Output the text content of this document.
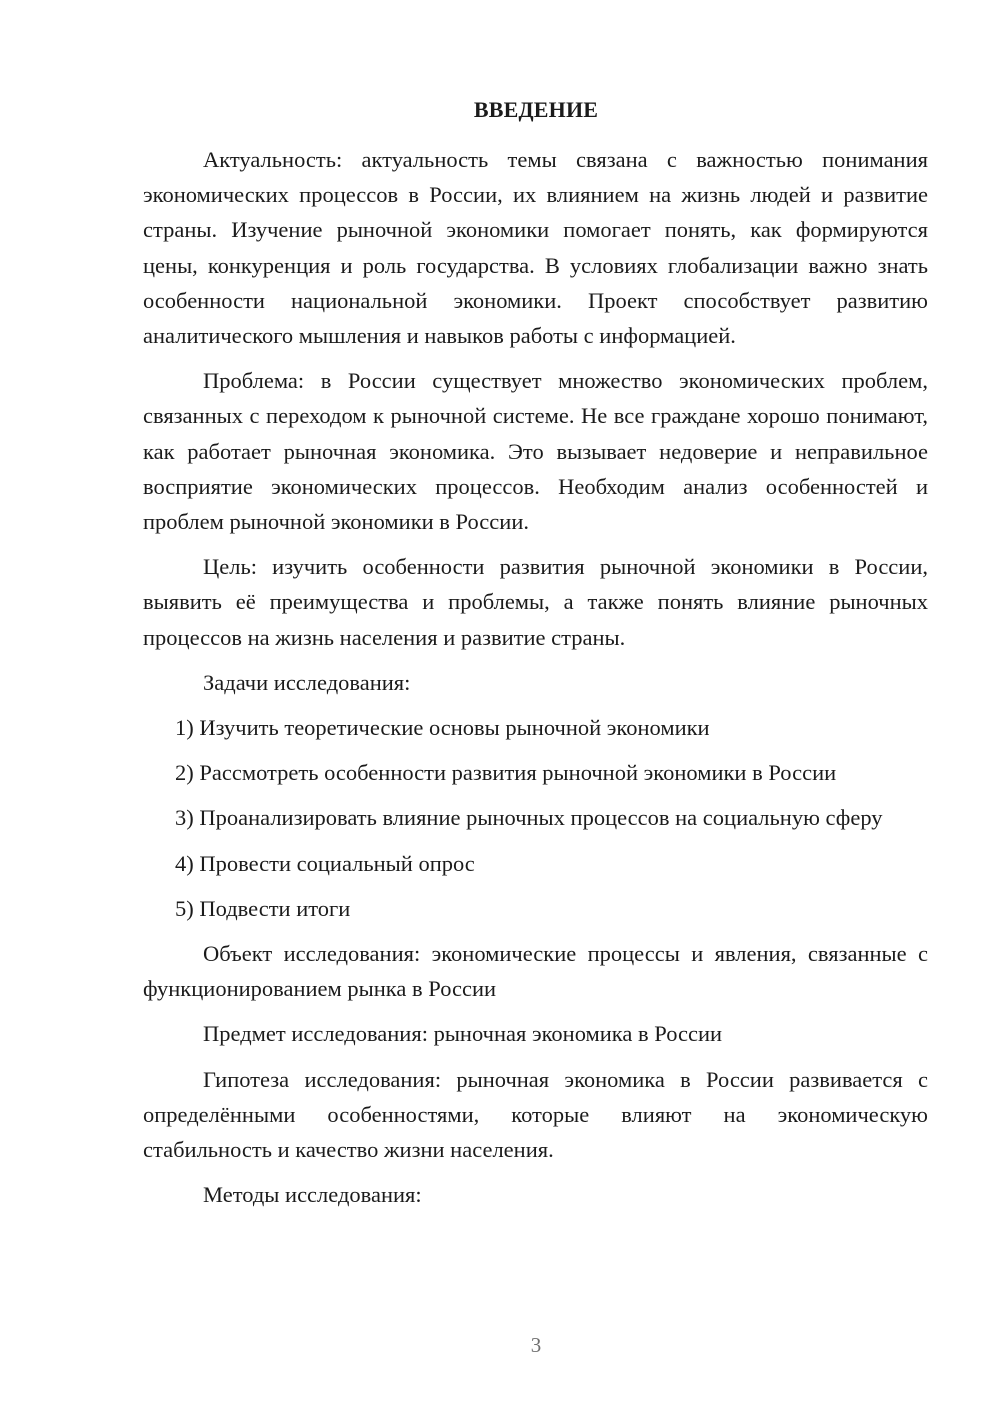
ВВЕДЕНИЕ

Актуальность: актуальность темы связана с важностью понимания экономических процессов в России, их влиянием на жизнь людей и развитие страны. Изучение рыночной экономики помогает понять, как формируются цены, конкуренция и роль государства. В условиях глобализации важно знать особенности национальной экономики. Проект способствует развитию аналитического мышления и навыков работы с информацией.

Проблема: в России существует множество экономических проблем, связанных с переходом к рыночной системе. Не все граждане хорошо понимают, как работает рыночная экономика. Это вызывает недоверие и неправильное восприятие экономических процессов. Необходим анализ особенностей и проблем рыночной экономики в России.

Цель: изучить особенности развития рыночной экономики в России, выявить её преимущества и проблемы, а также понять влияние рыночных процессов на жизнь населения и развитие страны.

Задачи исследования:

1) Изучить теоретические основы рыночной экономики

2) Рассмотреть особенности развития рыночной экономики в России

3) Проанализировать влияние рыночных процессов на социальную сферу

4) Провести социальный опрос

5) Подвести итоги

Объект исследования: экономические процессы и явления, связанные с функционированием рынка в России

Предмет исследования: рыночная экономика в России

Гипотеза исследования: рыночная экономика в России развивается с определёнными особенностями, которые влияют на экономическую стабильность и качество жизни населения.

Методы исследования:

3
